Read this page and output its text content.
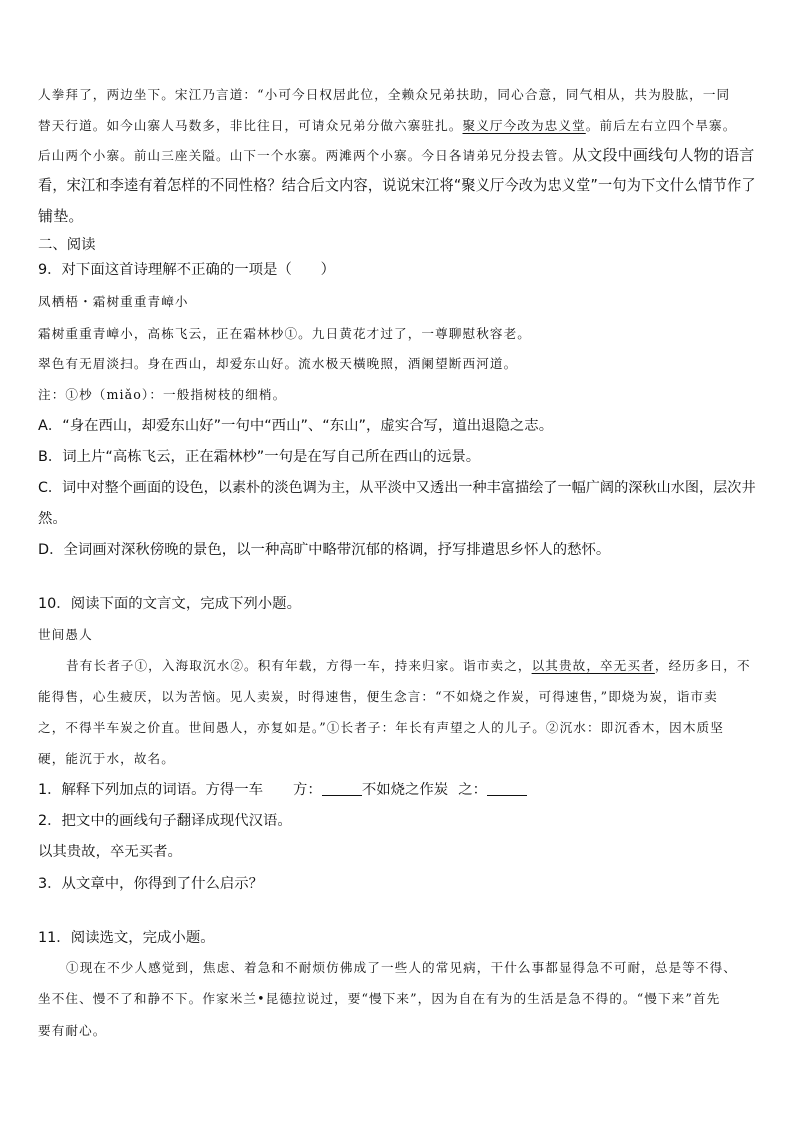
人拳拜了，两边坐下。宋江乃言道：“小可今日权居此位，全赖众兄弟扶助，同心合意，同气相从，共为股肱，一同
替天行道。如今山寨人马数多，非比往日，可请众兄弟分做六寨驻扎。聚义厅今改为忠义堂。前后左右立四个旱寨。
后山两个小寨。前山三座关隘。山下一个水寨。两滩两个小寨。今日各请弟兄分投去管。从文段中画线句人物的语言
看，宋江和李逵有着怎样的不同性格？结合后文内容，说说宋江将“聚义厅今改为忠义堂”一句为下文什么情节作了
铺垫。
二、阅读
9．对下面这首诗理解不正确的一项是（　　）
凤栖梧・霜树重重青嶂小
霜树重重青嶂小，高栋飞云，正在霜林杪①。九日黄花才过了，一尊聊慰秋容老。
翠色有无眉淡扫。身在西山，却爱东山好。流水极天橫晚照，酒阑望断西河道。
注：①杪（miǎo）：一般指树枝的细梢。
A．“身在西山，却爱东山好”一句中“西山”、“东山”，虚实合写，道出退隐之志。
B．词上片“高栋飞云，正在霜林杪”一句是在写自己所在西山的远景。
C．词中对整个画面的设色，以素朴的淡色调为主，从平淡中又透出一种丰富描绘了一幅广阔的深秋山水图，层次井
然。
D．全词画对深秋傍晚的景色，以一种高旷中略带沉郁的格调，抒写排遣思乡怀人的愁怀。
10．阅读下面的文言文，完成下列小题。
世间愚人
昔有长者子①，入海取沉水②。积有年载，方得一车，持来归家。诣市卖之，以其贵故，卒无买者，经历多日，不
能得售，心生疲厌，以为苦恼。见人卖炭，时得速售，便生念言：“不如烧之作炭，可得速售，”即烧为炭，诣市卖
之，不得半车炭之价直。世间愚人，亦复如是。”①长者子：年长有声望之人的儿子。②沉水：即沉香木，因木质坚
硬，能沉于水，故名。
1．解释下列加点的词语。方得一车 方：	不如烧之作炭 之：
2．把文中的画线句子翻译成现代汉语。
以其贵故，卒无买者。
3．从文章中，你得到了什么启示？
11．阅读选文，完成小题。
①现在不少人感觉到，焦虑、着急和不耐烦仿佛成了一些人的常见病，干什么事都显得急不可耐，总是等不得、
坐不住、慢不了和静不下。作家米兰•昆德拉说过，要“慢下来”，因为自在有为的生活是急不得的。“慢下来”首先
要有耐心。
